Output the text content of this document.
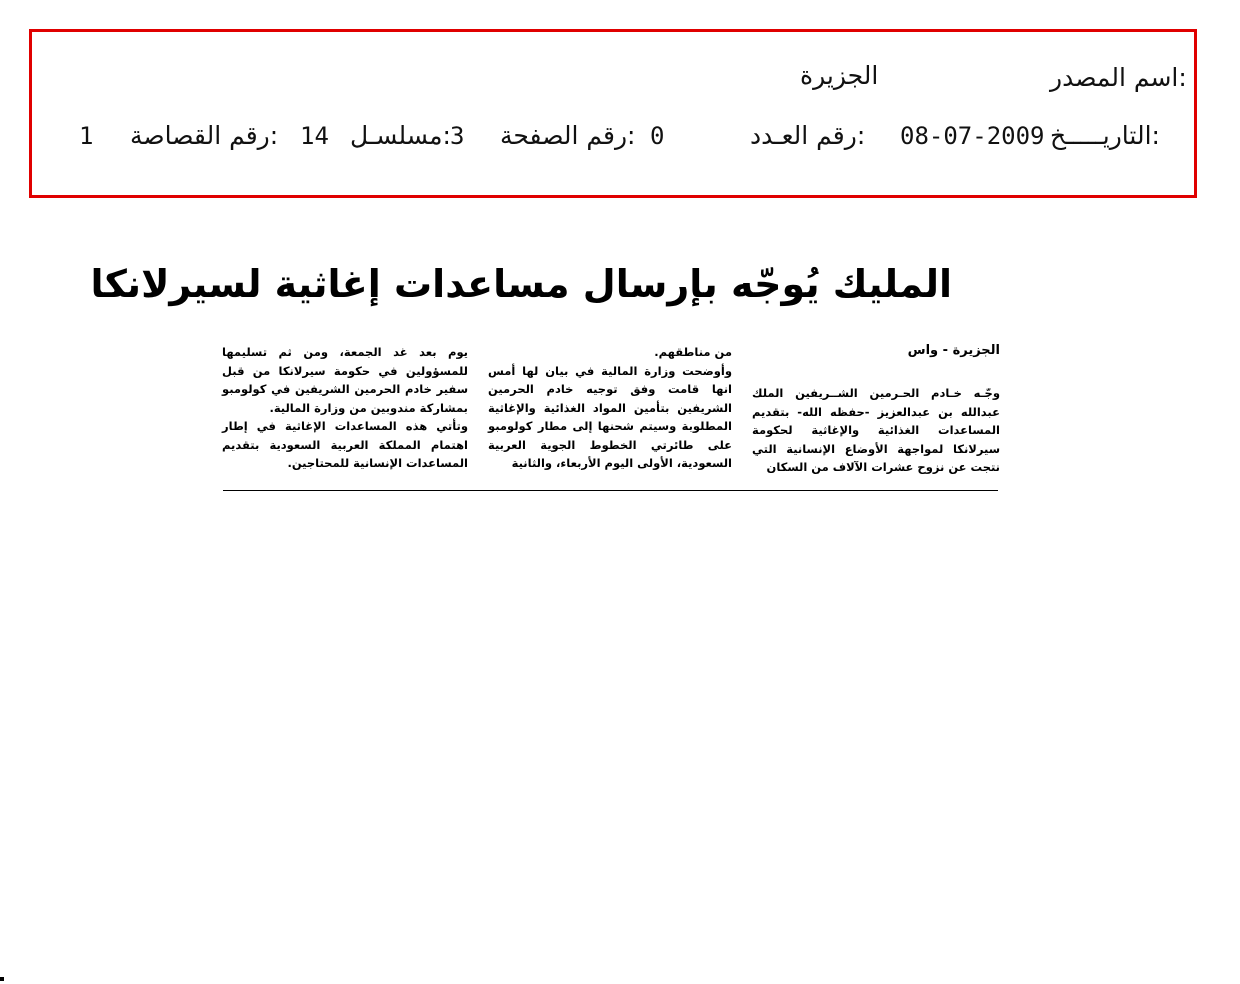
اسم المصدر:
الجزيرة
التاريـــــخ:
08-07-2009
رقم العـدد:
0
رقم الصفحة:
3
مسلسـل:
14
رقم القصاصة:
1
المليك يُوجّه بإرسال مساعدات إغاثية لسيرلانكا
الجزيرة - واس

وجّـه خـادم الحـرمين الشــريفين الملك عبدالله بن عبدالعزيز -حفظه الله- بتقديم المساعدات الغذائية والإغاثية لحكومة سيرلانكا لمواجهة الأوضاع الإنسانية التي نتجت عن نزوح عشرات الآلاف من السكان

من مناطقهم.

وأوضحت وزارة المالية في بيان لها أمس انها قامت وفق توجيه خادم الحرمين الشريفين بتأمين المواد الغذائية والإغاثية المطلوبة وسيتم شحنها إلى مطار كولومبو على طائرتي الخطوط الجوية العربية السعودية، الأولى اليوم الأربعاء، والثانية

يوم بعد غد الجمعة، ومن ثم تسليمها للمسؤولين في حكومة سيرلانكا من قبل سفير خادم الحرمين الشريفين في كولومبو بمشاركة مندوبين من وزارة المالية.

وتأتي هذه المساعدات الإغاثية في إطار اهتمام المملكة العربية السعودية بتقديم المساعدات الإنسانية للمحتاجين.
